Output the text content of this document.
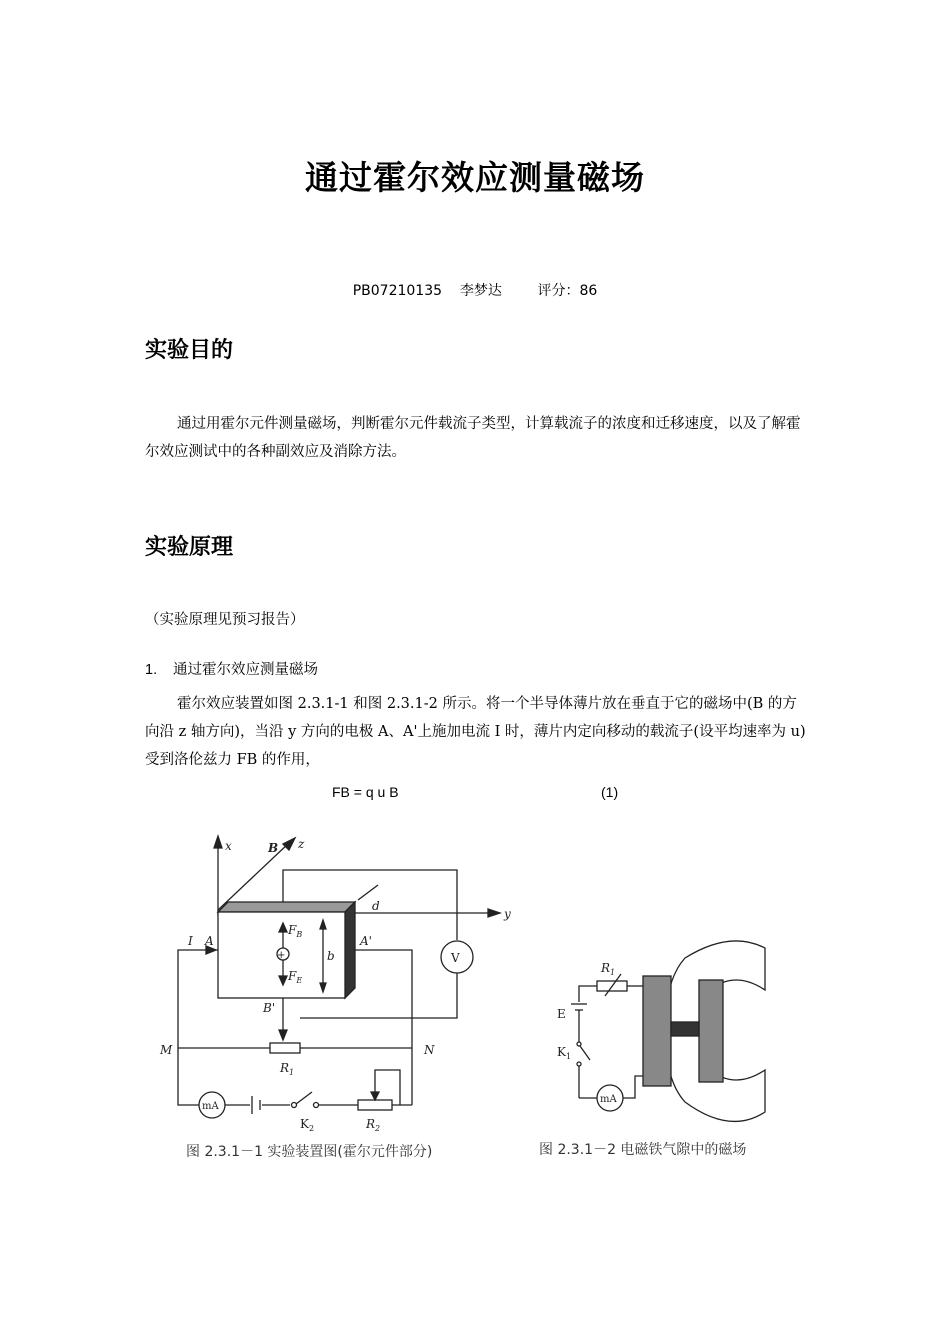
通过霍尔效应测量磁场
PB07210135 李梦达	评分：86
实验目的
通过用霍尔元件测量磁场，判断霍尔元件载流子类型，计算载流子的浓度和迁移速度，以及了解霍尔效应测试中的各种副效应及消除方法。
实验原理
（实验原理见预习报告）
1. 通过霍尔效应测量磁场
霍尔效应装置如图 2.3.1-1 和图 2.3.1-2 所示。将一个半导体薄片放在垂直于它的磁场中(B 的方向沿 z 轴方向)，当沿 y 方向的电极 A、A'上施加电流 I 时，薄片内定向移动的载流子(设平均速率为 u)受到洛伦兹力 FB 的作用，
FB = q u B	(1)
x	B z
y
d
I A	A'
b
$F_B$
$F_E$
B'
M	N
$R_1$
$R_2$
$K_2$
+	V
mA
图 2.3.1－1 实验装置图(霍尔元件部分)
$R_1$
E
$K_1$
mA
图 2.3.1－2 电磁铁气隙中的磁场
